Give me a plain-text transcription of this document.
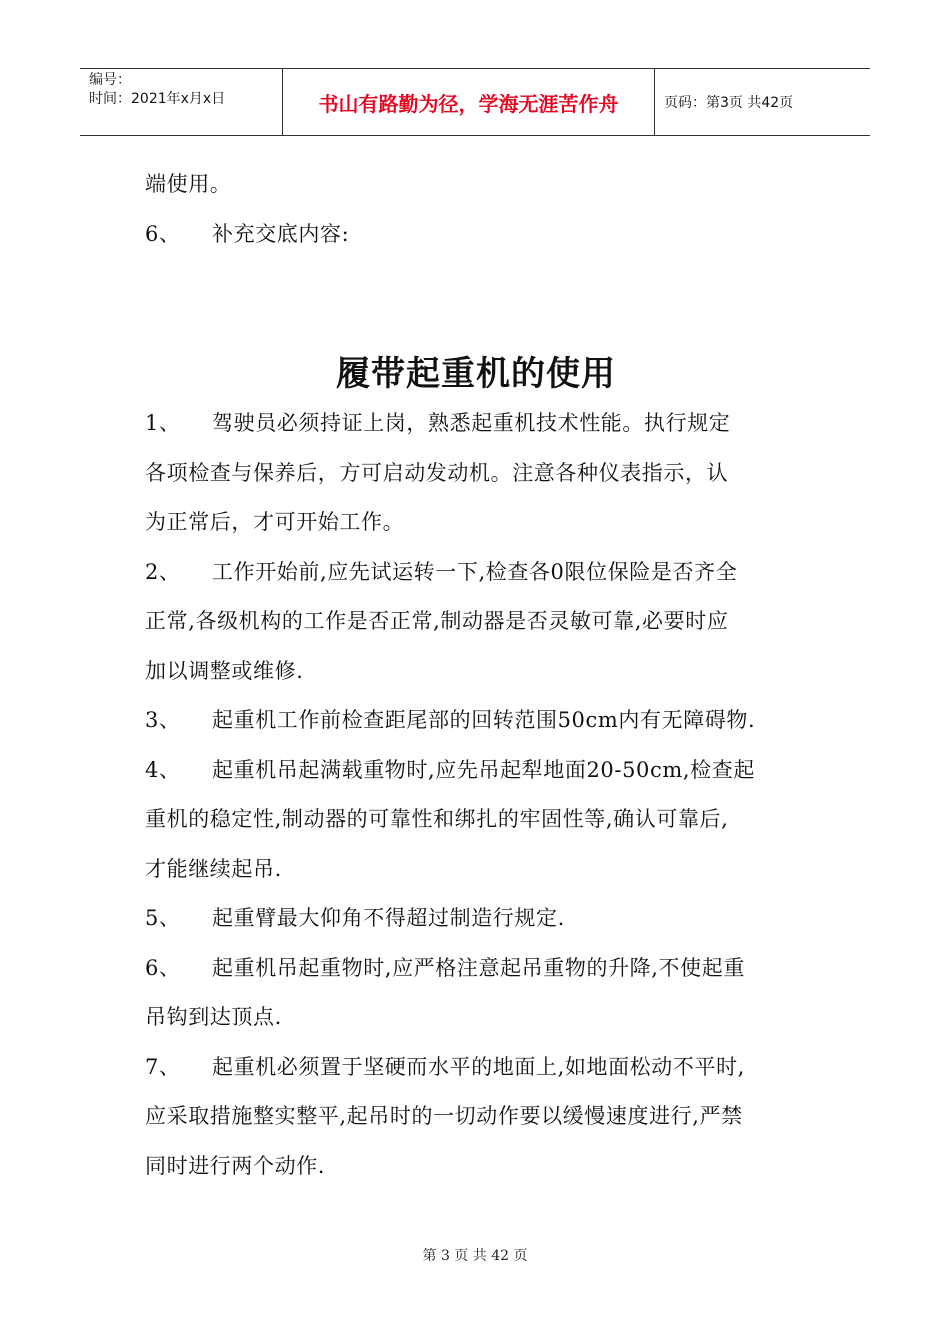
编号：
时间：2021年x月x日	书山有路勤为径，学海无涯苦作舟	页码：第3页 共42页
端使用。
6、 补充交底内容:
履带起重机的使用
1、 驾驶员必须持证上岗，熟悉起重机技术性能。执行规定
各项检查与保养后，方可启动发动机。注意各种仪表指示，认
为正常后，才可开始工作。
2、 工作开始前,应先试运转一下,检查各0限位保险是否齐全
正常,各级机构的工作是否正常,制动器是否灵敏可靠,必要时应
加以调整或维修.
3、 起重机工作前检查距尾部的回转范围50cm内有无障碍物.
4、 起重机吊起满载重物时,应先吊起犁地面20-50cm,检查起
重机的稳定性,制动器的可靠性和绑扎的牢固性等,确认可靠后,
才能继续起吊.
5、 起重臂最大仰角不得超过制造行规定.
6、 起重机吊起重物时,应严格注意起吊重物的升降,不使起重
吊钩到达顶点.
7、 起重机必须置于坚硬而水平的地面上,如地面松动不平时,
应采取措施整实整平,起吊时的一切动作要以缓慢速度进行,严禁
同时进行两个动作.
第 3 页 共 42 页
